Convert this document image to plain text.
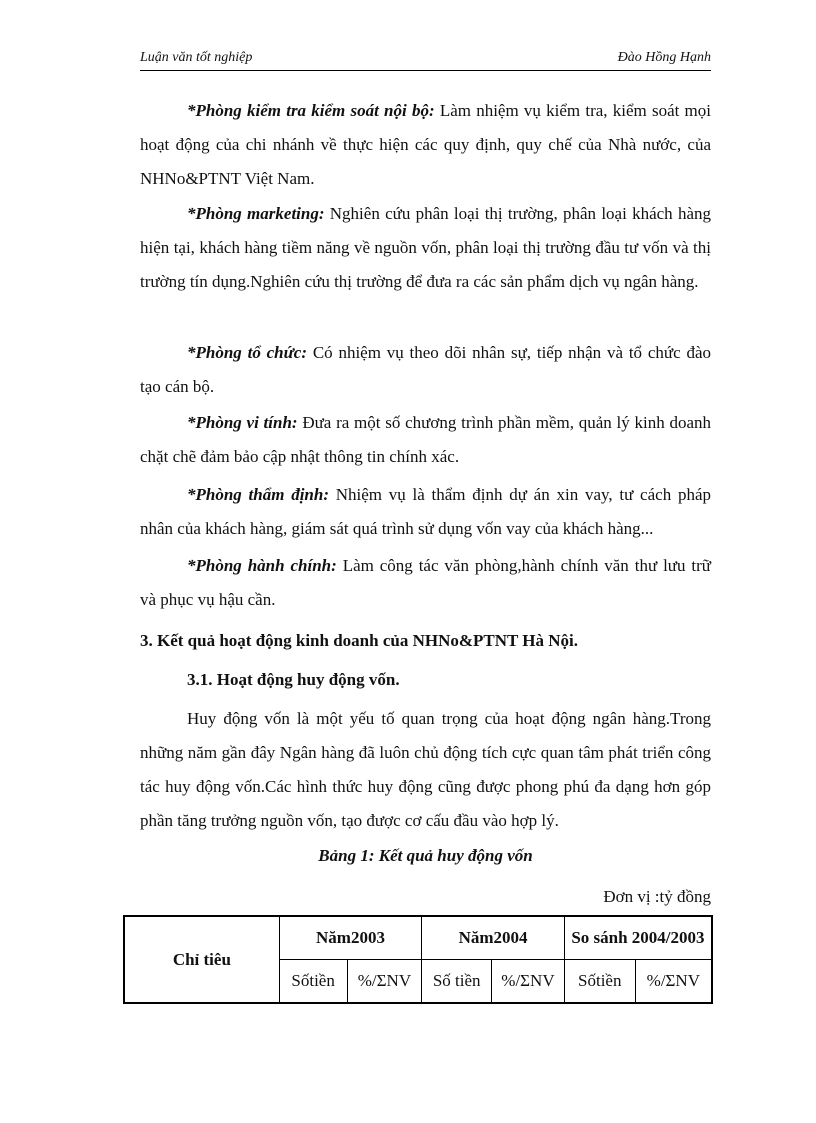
Luận văn tốt nghiệp	Đào Hồng Hạnh

*Phòng kiểm tra kiểm soát nội bộ: Làm nhiệm vụ kiểm tra, kiểm soát mọi hoạt động của chi nhánh về thực hiện các quy định, quy chế của Nhà nước, của NHNo&PTNT Việt Nam.

*Phòng marketing: Nghiên cứu phân loại thị trường, phân loại khách hàng hiện tại, khách hàng tiềm năng về nguồn vốn, phân loại thị trường đầu tư vốn và thị trường tín dụng.Nghiên cứu thị trường để đưa ra các sản phẩm dịch vụ ngân hàng.

*Phòng tổ chức: Có nhiệm vụ theo dõi nhân sự, tiếp nhận và tổ chức đào tạo cán bộ.

*Phòng vi tính: Đưa ra một số chương trình phần mềm, quản lý kinh doanh chặt chẽ đảm bảo cập nhật thông tin chính xác.

*Phòng thẩm định: Nhiệm vụ là thẩm định dự án xin vay, tư cách pháp nhân của khách hàng, giám sát quá trình sử dụng vốn vay của khách hàng...

*Phòng hành chính: Làm công tác văn phòng,hành chính văn thư lưu trữ và phục vụ hậu cần.

3. Kết quả hoạt động kinh doanh của NHNo&PTNT Hà Nội.
3.1. Hoạt động huy động vốn.

Huy động vốn là một yếu tố quan trọng của hoạt động ngân hàng.Trong những năm gần đây Ngân hàng đã luôn chủ động tích cực quan tâm phát triển công tác huy động vốn.Các hình thức huy động cũng được phong phú đa dạng hơn góp phần tăng trưởng nguồn vốn, tạo được cơ cấu đầu vào hợp lý.

Bảng 1: Kết quả huy động vốn
Đơn vị :tỷ đồng
Chỉ tiêu	Năm2003		Năm2004		So sánh 2004/2003	
	Sốtiền	%/ΣNV	Số tiền	%/ΣNV	Sốtiền	%/ΣNV
